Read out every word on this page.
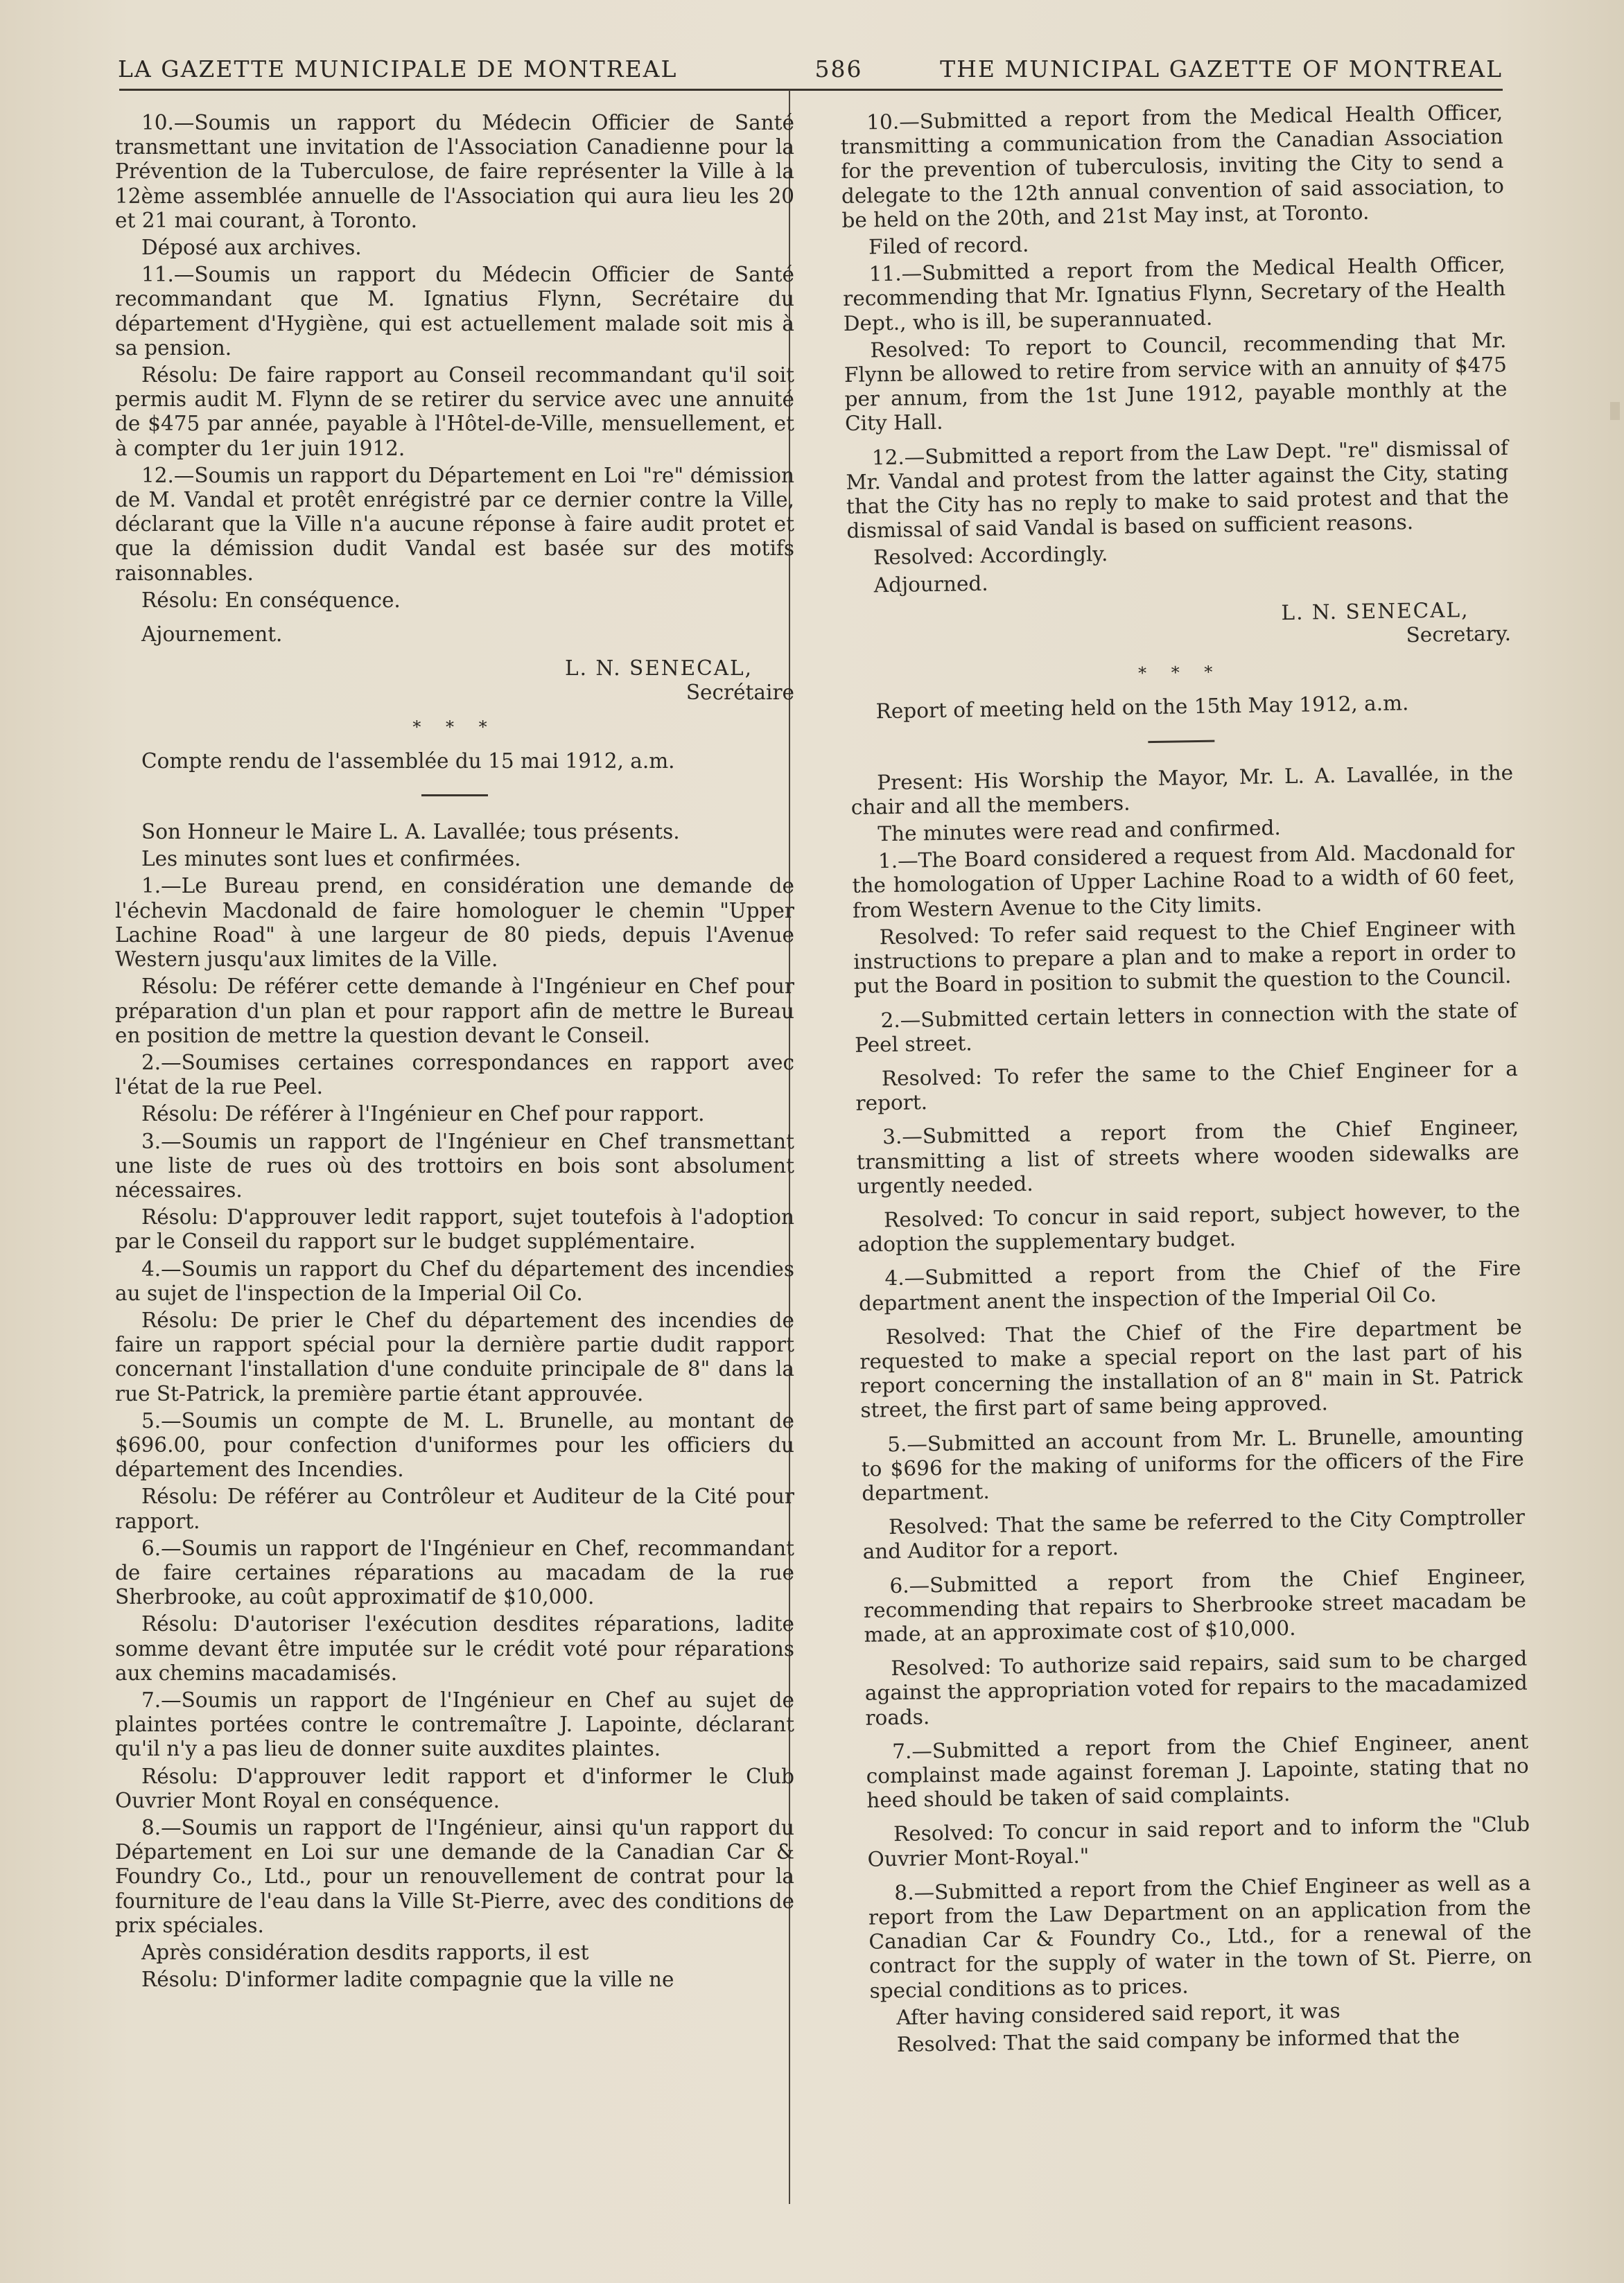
LA GAZETTE MUNICIPALE DE MONTREAL	586	THE MUNICIPAL GAZETTE OF MONTREAL

10.—Soumis un rapport du Médecin Officier de Santé transmettant une invitation de l'Association Canadienne pour la Prévention de la Tuberculose, de faire représenter la Ville à la 12ème assemblée annuelle de l'Association qui aura lieu les 20 et 21 mai courant, à Toronto.

Déposé aux archives.

11.—Soumis un rapport du Médecin Officier de Santé recommandant que M. Ignatius Flynn, Secrétaire du département d'Hygiène, qui est actuellement malade soit mis à sa pension.

Résolu: De faire rapport au Conseil recommandant qu'il soit permis audit M. Flynn de se retirer du service avec une annuité de $475 par année, payable à l'Hôtel-de-Ville, mensuellement, et à compter du 1er juin 1912.

12.—Soumis un rapport du Département en Loi "re" démission de M. Vandal et protêt enrégistré par ce dernier contre la Ville, déclarant que la Ville n'a aucune réponse à faire audit protet et que la démission dudit Vandal est basée sur des motifs raisonnables.

Résolu: En conséquence.

Ajournement.

L. N. SENECAL,
Secrétaire
* * *

Compte rendu de l'assemblée du 15 mai 1912, a.m.

Son Honneur le Maire L. A. Lavallée; tous présents.

Les minutes sont lues et confirmées.

1.—Le Bureau prend, en considération une demande de l'échevin Macdonald de faire homologuer le chemin "Upper Lachine Road" à une largeur de 80 pieds, depuis l'Avenue Western jusqu'aux limites de la Ville.

Résolu: De référer cette demande à l'Ingénieur en Chef pour préparation d'un plan et pour rapport afin de mettre le Bureau en position de mettre la question devant le Conseil.

2.—Soumises certaines correspondances en rapport avec l'état de la rue Peel.

Résolu: De référer à l'Ingénieur en Chef pour rapport.

3.—Soumis un rapport de l'Ingénieur en Chef transmettant une liste de rues où des trottoirs en bois sont absolument nécessaires.

Résolu: D'approuver ledit rapport, sujet toutefois à l'adoption par le Conseil du rapport sur le budget supplémentaire.

4.—Soumis un rapport du Chef du département des incendies au sujet de l'inspection de la Imperial Oil Co.

Résolu: De prier le Chef du département des incendies de faire un rapport spécial pour la dernière partie dudit rapport concernant l'installation d'une conduite principale de 8" dans la rue St-Patrick, la première partie étant approuvée.

5.—Soumis un compte de M. L. Brunelle, au montant de $696.00, pour confection d'uniformes pour les officiers du département des Incendies.

Résolu: De référer au Contrôleur et Auditeur de la Cité pour rapport.

6.—Soumis un rapport de l'Ingénieur en Chef, recommandant de faire certaines réparations au macadam de la rue Sherbrooke, au coût approximatif de $10,000.

Résolu: D'autoriser l'exécution desdites réparations, ladite somme devant être imputée sur le crédit voté pour réparations aux chemins macadamisés.

7.—Soumis un rapport de l'Ingénieur en Chef au sujet de plaintes portées contre le contremaître J. Lapointe, déclarant qu'il n'y a pas lieu de donner suite auxdites plaintes.

Résolu: D'approuver ledit rapport et d'informer le Club Ouvrier Mont Royal en conséquence.

8.—Soumis un rapport de l'Ingénieur, ainsi qu'un rapport du Département en Loi sur une demande de la Canadian Car & Foundry Co., Ltd., pour un renouvellement de contrat pour la fourniture de l'eau dans la Ville St-Pierre, avec des conditions de prix spéciales.

Après considération desdits rapports, il est

Résolu: D'informer ladite compagnie que la ville ne

10.—Submitted a report from the Medical Health Officer, transmitting a communication from the Canadian Association for the prevention of tuberculosis, inviting the City to send a delegate to the 12th annual convention of said association, to be held on the 20th, and 21st May inst, at Toronto.

Filed of record.

11.—Submitted a report from the Medical Health Officer, recommending that Mr. Ignatius Flynn, Secretary of the Health Dept., who is ill, be superannuated.

Resolved: To report to Council, recommending that Mr. Flynn be allowed to retire from service with an annuity of $475 per annum, from the 1st June 1912, payable monthly at the City Hall.

12.—Submitted a report from the Law Dept. "re" dismissal of Mr. Vandal and protest from the latter against the City, stating that the City has no reply to make to said protest and that the dismissal of said Vandal is based on sufficient reasons.

Resolved: Accordingly.

Adjourned.

L. N. SENECAL,
Secretary.
* * *

Report of meeting held on the 15th May 1912, a.m.

Present: His Worship the Mayor, Mr. L. A. Lavallée, in the chair and all the members.

The minutes were read and confirmed.

1.—The Board considered a request from Ald. Macdonald for the homologation of Upper Lachine Road to a width of 60 feet, from Western Avenue to the City limits.

Resolved: To refer said request to the Chief Engineer with instructions to prepare a plan and to make a report in order to put the Board in position to submit the question to the Council.

2.—Submitted certain letters in connection with the state of Peel street.

Resolved: To refer the same to the Chief Engineer for a report.

3.—Submitted a report from the Chief Engineer, transmitting a list of streets where wooden sidewalks are urgently needed.

Resolved: To concur in said report, subject however, to the adoption the supplementary budget.

4.—Submitted a report from the Chief of the Fire department anent the inspection of the Imperial Oil Co.

Resolved: That the Chief of the Fire department be requested to make a special report on the last part of his report concerning the installation of an 8" main in St. Patrick street, the first part of same being approved.

5.—Submitted an account from Mr. L. Brunelle, amounting to $696 for the making of uniforms for the officers of the Fire department.

Resolved: That the same be referred to the City Comptroller and Auditor for a report.

6.—Submitted a report from the Chief Engineer, recommending that repairs to Sherbrooke street macadam be made, at an approximate cost of $10,000.

Resolved: To authorize said repairs, said sum to be charged against the appropriation voted for repairs to the macadamized roads.

7.—Submitted a report from the Chief Engineer, anent complainst made against foreman J. Lapointe, stating that no heed should be taken of said complaints.

Resolved: To concur in said report and to inform the "Club Ouvrier Mont-Royal."

8.—Submitted a report from the Chief Engineer as well as a report from the Law Department on an application from the Canadian Car & Foundry Co., Ltd., for a renewal of the contract for the supply of water in the town of St. Pierre, on special conditions as to prices.

After having considered said report, it was

Resolved: That the said company be informed that the
